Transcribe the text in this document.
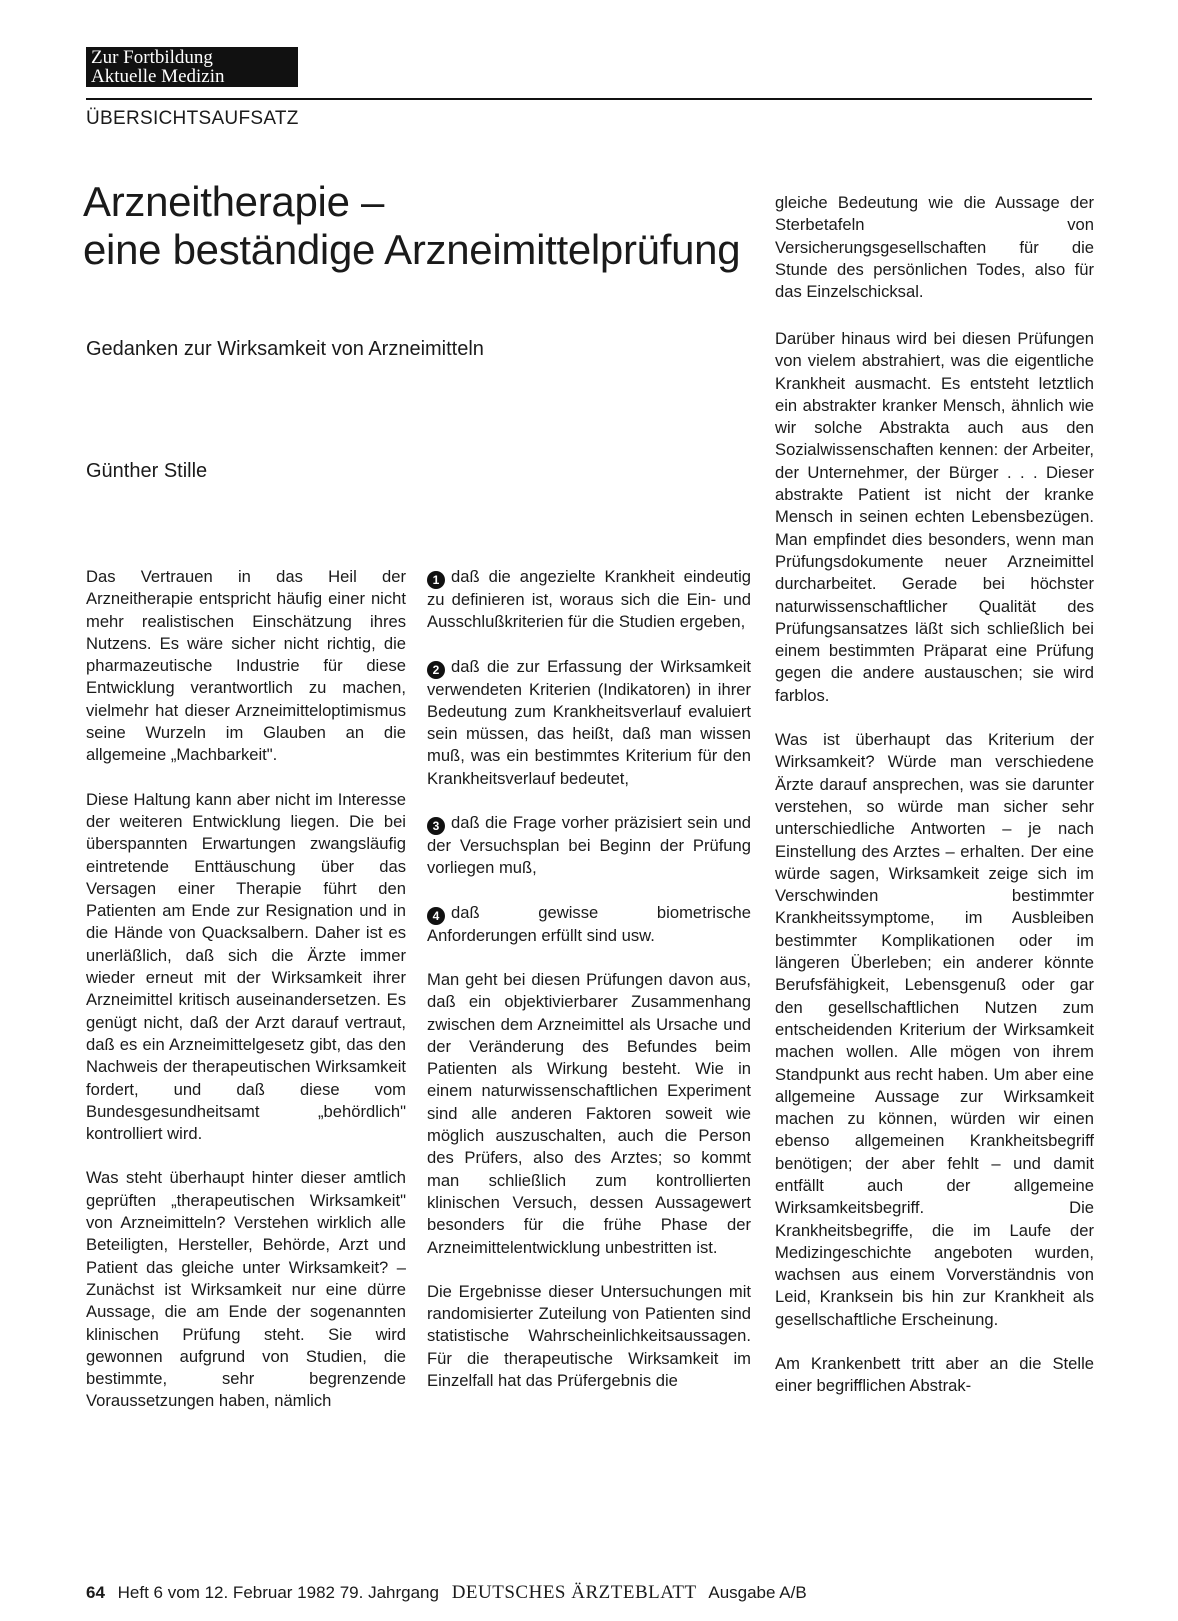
Zur Fortbildung
Aktuelle Medizin
ÜBERSICHTSAUFSATZ
Arzneitherapie –
eine beständige Arzneimittelprüfung
Gedanken zur Wirksamkeit von Arzneimitteln
Günther Stille

Das Vertrauen in das Heil der Arzneitherapie entspricht häufig einer nicht mehr realistischen Einschätzung ihres Nutzens. Es wäre sicher nicht richtig, die pharmazeutische Industrie für diese Entwicklung verantwortlich zu machen, vielmehr hat dieser Arzneimitteloptimismus seine Wurzeln im Glauben an die allgemeine „Machbarkeit".

Diese Haltung kann aber nicht im Interesse der weiteren Entwicklung liegen. Die bei überspannten Erwartungen zwangsläufig eintretende Enttäuschung über das Versagen einer Therapie führt den Patienten am Ende zur Resignation und in die Hände von Quacksalbern. Daher ist es unerläßlich, daß sich die Ärzte immer wieder erneut mit der Wirksamkeit ihrer Arzneimittel kritisch auseinandersetzen. Es genügt nicht, daß der Arzt darauf vertraut, daß es ein Arzneimittelgesetz gibt, das den Nachweis der therapeutischen Wirksamkeit fordert, und daß diese vom Bundesgesundheitsamt „behördlich" kontrolliert wird.

Was steht überhaupt hinter dieser amtlich geprüften „therapeutischen Wirksamkeit" von Arzneimitteln? Verstehen wirklich alle Beteiligten, Hersteller, Behörde, Arzt und Patient das gleiche unter Wirksamkeit? – Zunächst ist Wirksamkeit nur eine dürre Aussage, die am Ende der sogenannten klinischen Prüfung steht. Sie wird gewonnen aufgrund von Studien, die bestimmte, sehr begrenzende Voraussetzungen haben, nämlich

1 daß die angezielte Krankheit eindeutig zu definieren ist, woraus sich die Ein- und Ausschlußkriterien für die Studien ergeben,

2 daß die zur Erfassung der Wirksamkeit verwendeten Kriterien (Indikatoren) in ihrer Bedeutung zum Krankheitsverlauf evaluiert sein müssen, das heißt, daß man wissen muß, was ein bestimmtes Kriterium für den Krankheitsverlauf bedeutet,

3 daß die Frage vorher präzisiert sein und der Versuchsplan bei Beginn der Prüfung vorliegen muß,

4 daß gewisse biometrische Anforderungen erfüllt sind usw.

Man geht bei diesen Prüfungen davon aus, daß ein objektivierbarer Zusammenhang zwischen dem Arzneimittel als Ursache und der Veränderung des Befundes beim Patienten als Wirkung besteht. Wie in einem naturwissenschaftlichen Experiment sind alle anderen Faktoren soweit wie möglich auszuschalten, auch die Person des Prüfers, also des Arztes; so kommt man schließlich zum kontrollierten klinischen Versuch, dessen Aussagewert besonders für die frühe Phase der Arzneimittelentwicklung unbestritten ist.

Die Ergebnisse dieser Untersuchungen mit randomisierter Zuteilung von Patienten sind statistische Wahrscheinlichkeitsaussagen. Für die therapeutische Wirksamkeit im Einzelfall hat das Prüfergebnis die

gleiche Bedeutung wie die Aussage der Sterbetafeln von Versicherungsgesellschaften für die Stunde des persönlichen Todes, also für das Einzelschicksal.

Darüber hinaus wird bei diesen Prüfungen von vielem abstrahiert, was die eigentliche Krankheit ausmacht. Es entsteht letztlich ein abstrakter kranker Mensch, ähnlich wie wir solche Abstrakta auch aus den Sozialwissenschaften kennen: der Arbeiter, der Unternehmer, der Bürger . . . Dieser abstrakte Patient ist nicht der kranke Mensch in seinen echten Lebensbezügen. Man empfindet dies besonders, wenn man Prüfungsdokumente neuer Arzneimittel durcharbeitet. Gerade bei höchster naturwissenschaftlicher Qualität des Prüfungsansatzes läßt sich schließlich bei einem bestimmten Präparat eine Prüfung gegen die andere austauschen; sie wird farblos.

Was ist überhaupt das Kriterium der Wirksamkeit? Würde man verschiedene Ärzte darauf ansprechen, was sie darunter verstehen, so würde man sicher sehr unterschiedliche Antworten – je nach Einstellung des Arztes – erhalten. Der eine würde sagen, Wirksamkeit zeige sich im Verschwinden bestimmter Krankheitssymptome, im Ausbleiben bestimmter Komplikationen oder im längeren Überleben; ein anderer könnte Berufsfähigkeit, Lebensgenuß oder gar den gesellschaftlichen Nutzen zum entscheidenden Kriterium der Wirksamkeit machen wollen. Alle mögen von ihrem Standpunkt aus recht haben. Um aber eine allgemeine Aussage zur Wirksamkeit machen zu können, würden wir einen ebenso allgemeinen Krankheitsbegriff benötigen; der aber fehlt – und damit entfällt auch der allgemeine Wirksamkeitsbegriff. Die Krankheitsbegriffe, die im Laufe der Medizingeschichte angeboten wurden, wachsen aus einem Vorverständnis von Leid, Kranksein bis hin zur Krankheit als gesellschaftliche Erscheinung.

Am Krankenbett tritt aber an die Stelle einer begrifflichen Abstrak-

64 Heft 6 vom 12. Februar 1982 79. Jahrgang DEUTSCHES ÄRZTEBLATT Ausgabe A/B
